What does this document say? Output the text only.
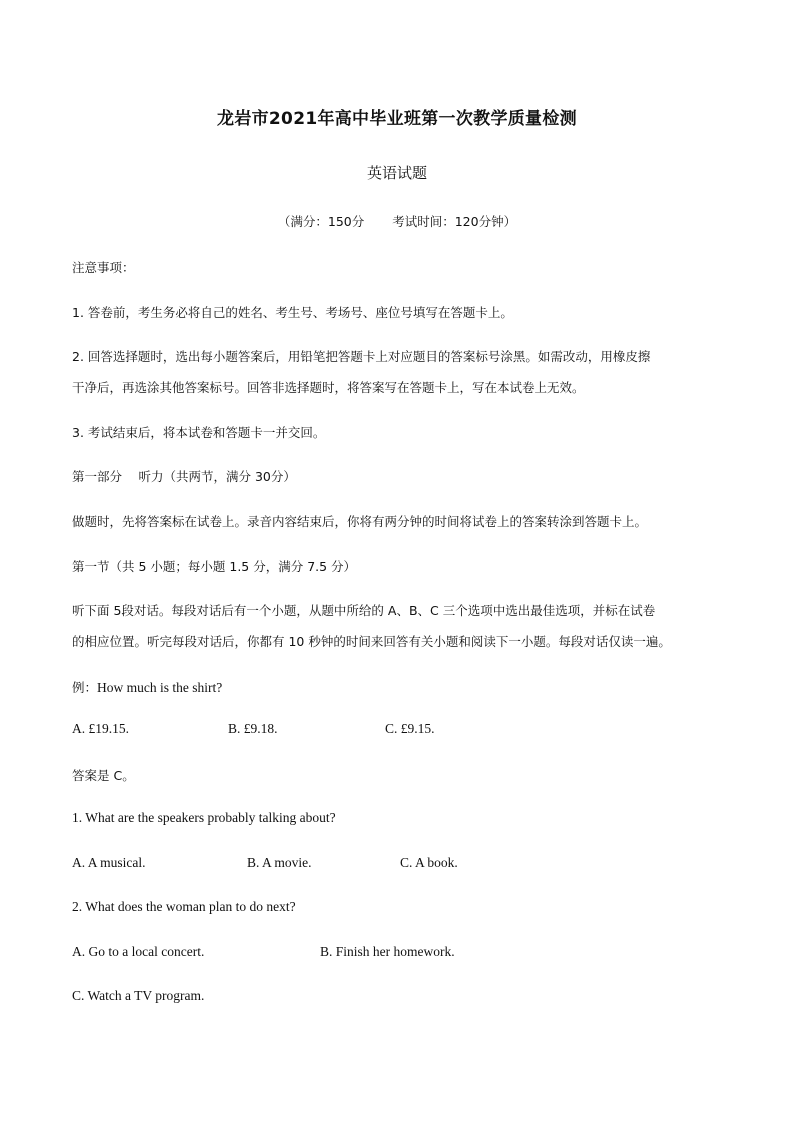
龙岩市2021年高中毕业班第一次教学质量检测
英语试题
（满分：150分 考试时间：120分钟）
注意事项：
1. 答卷前，考生务必将自己的姓名、考生号、考场号、座位号填写在答题卡上。
2. 回答选择题时，选出每小题答案后，用铅笔把答题卡上对应题目的答案标号涂黑。如需改动，用橡皮擦
干净后，再选涂其他答案标号。回答非选择题时，将答案写在答题卡上，写在本试卷上无效。
3. 考试结束后，将本试卷和答题卡一并交回。
第一部分　 听力（共两节，满分 30分）
做题时，先将答案标在试卷上。录音内容结束后，你将有两分钟的时间将试卷上的答案转涂到答题卡上。
第一节（共 5 小题；每小题 1.5 分，满分 7.5 分）
听下面 5段对话。每段对话后有一个小题，从题中所给的 A、B、C 三个选项中选出最佳选项，并标在试卷
的相应位置。听完每段对话后，你都有 10 秒钟的时间来回答有关小题和阅读下一小题。每段对话仅读一遍。
例：How much is the shirt?
A. £19.15.	B. £9.18.	C. £9.15.
答案是 C。
1. What are the speakers probably talking about?
A. A musical.	B. A movie.	C. A book.
2. What does the woman plan to do next?
A. Go to a local concert.	B. Finish her homework.
C. Watch a TV program.
